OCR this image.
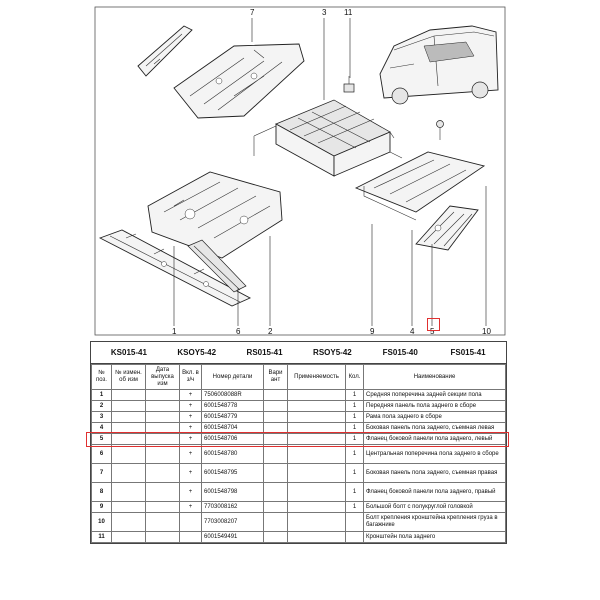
7	3 11
1	6	2	9	4 5	10
KS015-41	KSOY5-42	RS015-41	RSOY5-42	FS015-40	FS015-41
№ поз.	№ измен. об изм	Дата выпуска изм	Вкл. в з/ч	Номер детали	Вари ант	Применяемость	Кол.	Наименование
1			+	7506008088R			1	Средняя поперечина задней секции пола
2			+	6001548778			1	Передняя панель пола заднего в сборе
3			+	6001548779			1	Рама пола заднего в сборе
4			+	6001548704			1	Боковая панель пола заднего, съемная левая
5			+	6001548706			1	Фланец боковой панели пола заднего, левый
6			+	6001548780			1	Центральная поперечина пола заднего в сборе
7			+	6001548795			1	Боковая панель пола заднего, съемная правая
8			+	6001548798			1	Фланец боковой панели пола заднего, правый
9			+	7703008162			1	Большой болт с полукруглой головкой
10				7703008207				Болт крепления кронштейна крепления груза в багажнике
11				6001549491				Кронштейн пола заднего
